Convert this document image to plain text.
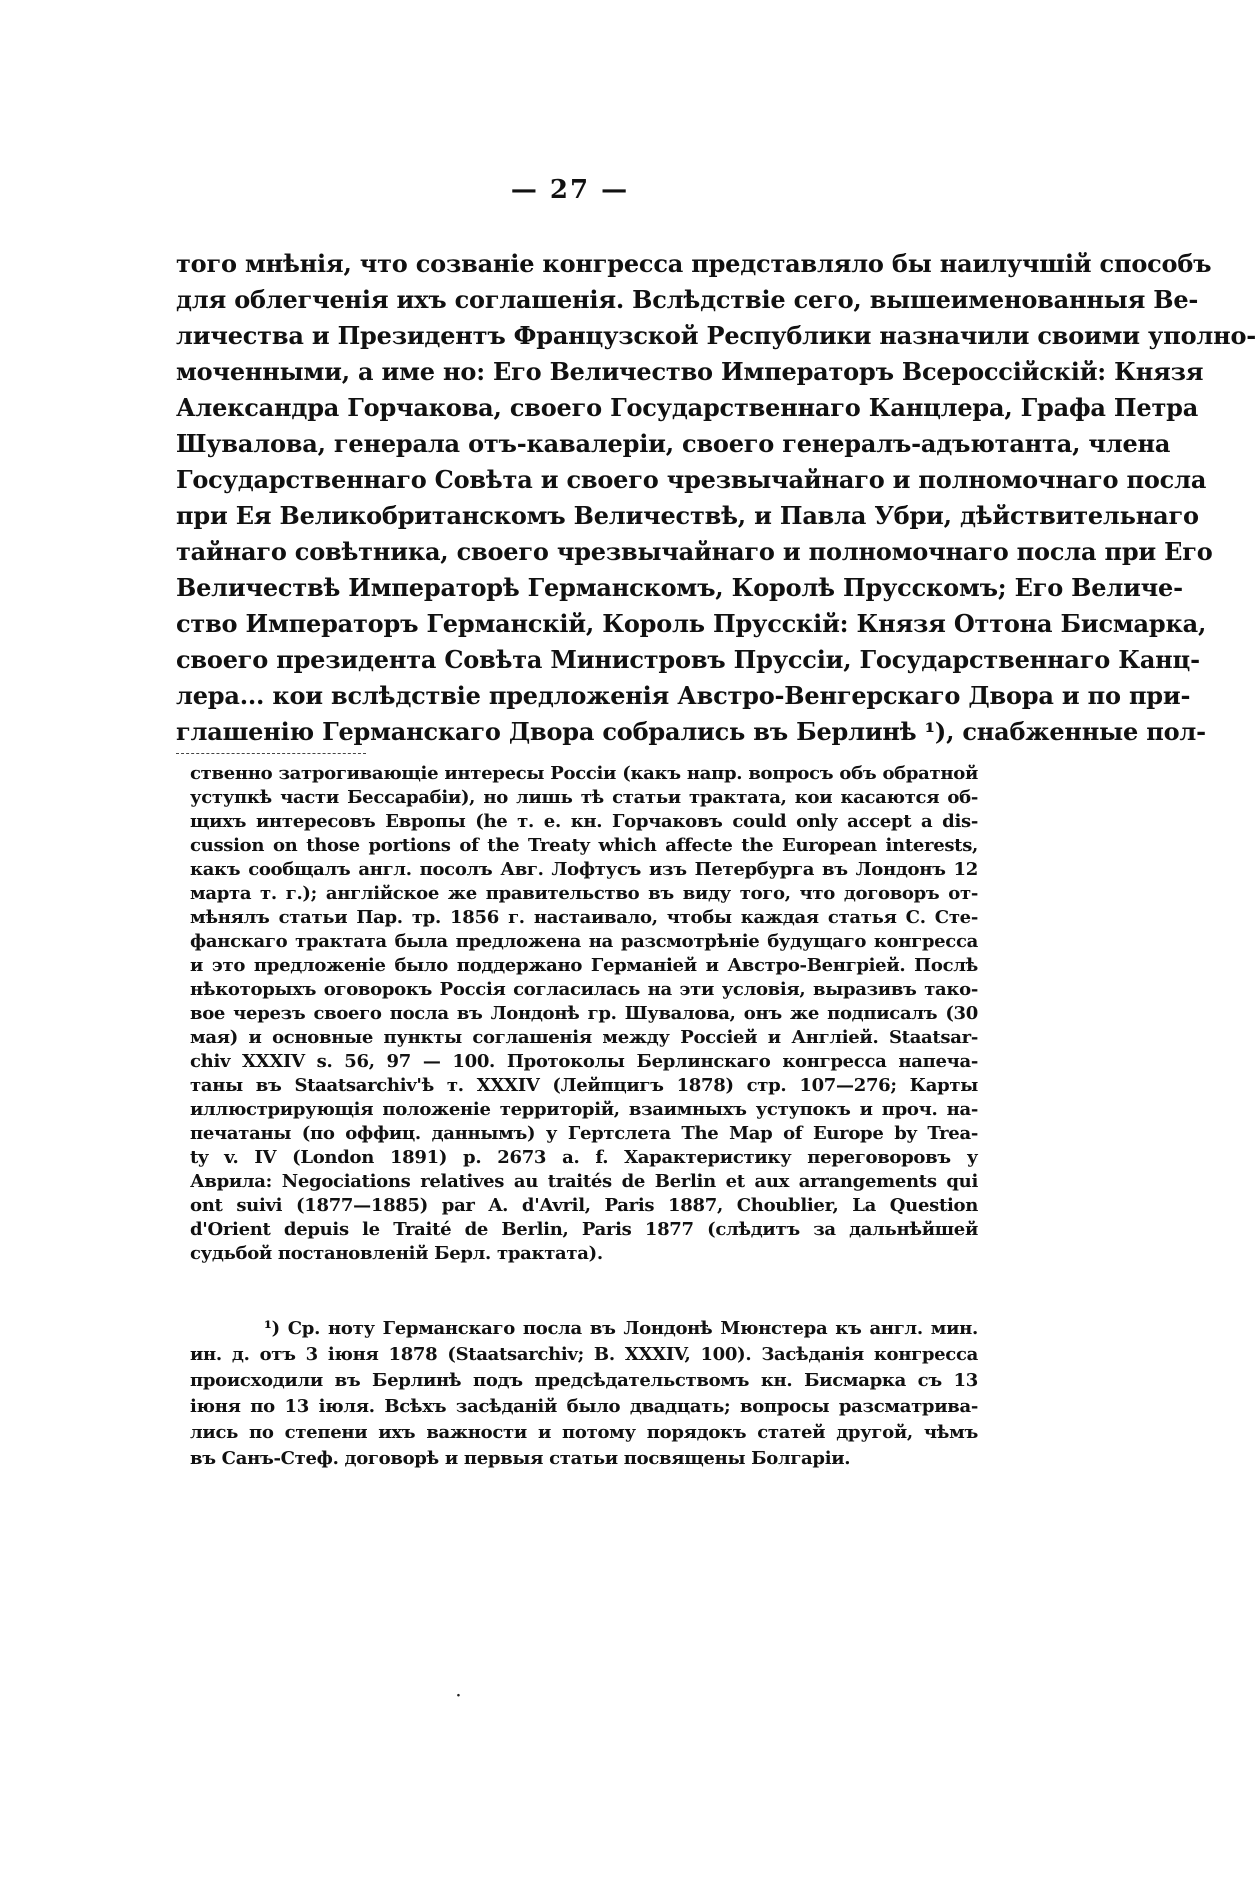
— 27 —
того мнѣнія, что созваніе конгресса представляло бы наилучшій способъ
для облегченія ихъ соглашенія. Вслѣдствіе сего, вышеименованныя Ве-
личества и Президентъ Французской Республики назначили своими уполно-
моченными, а име но: Его Величество Императоръ Всероссійскій: Князя
Александра Горчакова, своего Государственнаго Канцлера, Графа Петра
Шувалова, генерала отъ-кавалеріи, своего генералъ-адъютанта, члена
Государственнаго Совѣта и своего чрезвычайнаго и полномочнаго посла
при Ея Великобританскомъ Величествѣ, и Павла Убри, дѣйствительнаго
тайнаго совѣтника, своего чрезвычайнаго и полномочнаго посла при Его
Величествѣ Императорѣ Германскомъ, Королѣ Прусскомъ; Его Величе-
ство Императоръ Германскій, Король Прусскій: Князя Оттона Бисмарка,
своего президента Совѣта Министровъ Пруссіи, Государственнаго Канц-
лера... кои вслѣдствіе предложенія Австро-Венгерскаго Двора и по при-
глашенію Германскаго Двора собрались въ Берлинѣ ¹), снабженные пол-
ственно затрогивающіе интересы Россіи (какъ напр. вопросъ объ обратной
уступкѣ части Бессарабіи), но лишь тѣ статьи трактата, кои касаются об-
щихъ интересовъ Европы (he т. е. кн. Горчаковъ could only accept a dis-
cussion on those portions of the Treaty which affecte the European interests,
какъ сообщалъ англ. посолъ Авг. Лофтусъ изъ Петербурга въ Лондонъ 12
марта т. г.); англійское же правительство въ виду того, что договоръ от-
мѣнялъ статьи Пар. тр. 1856 г. настаивало, чтобы каждая статья С. Сте-
фанскаго трактата была предложена на разсмотрѣніе будущаго конгресса
и это предложеніе было поддержано Германіей и Австро-Венгріей. Послѣ
нѣкоторыхъ оговорокъ Россія согласилась на эти условія, выразивъ тако-
вое черезъ своего посла въ Лондонѣ гр. Шувалова, онъ же подписалъ (30
мая) и основные пункты соглашенія между Россіей и Англіей. Staatsar-
chiv XXXIV s. 56, 97 — 100. Протоколы Берлинскаго конгресса напеча-
таны въ Staatsarchiv'ѣ т. XXXIV (Лейпцигъ 1878) стр. 107—276; Карты
иллюстрирующія положеніе территорій, взаимныхъ уступокъ и проч. на-
печатаны (по оффиц. даннымъ) у Гертслета The Map of Europe by Trea-
ty v. IV (London 1891) p. 2673 a. f. Характеристику переговоровъ у
Аврила: Negociations relatives au traités de Berlin et aux arrangements qui
ont suivi (1877—1885) par A. d'Avril, Paris 1887, Choublier, La Question
d'Orient depuis le Traité de Berlin, Paris 1877 (слѣдитъ за дальнѣйшей
судьбой постановленій Берл. трактата).
¹) Ср. ноту Германскаго посла въ Лондонѣ Мюнстера къ англ. мин.
ин. д. отъ 3 іюня 1878 (Staatsarchiv; B. XXXIV, 100). Засѣданія конгресса
происходили въ Берлинѣ подъ предсѣдательствомъ кн. Бисмарка съ 13
іюня по 13 іюля. Всѣхъ засѣданій было двадцать; вопросы разсматрива-
лись по степени ихъ важности и потому порядокъ статей другой, чѣмъ
въ Санъ-Стеф. договорѣ и первыя статьи посвящены Болгаріи.
·
